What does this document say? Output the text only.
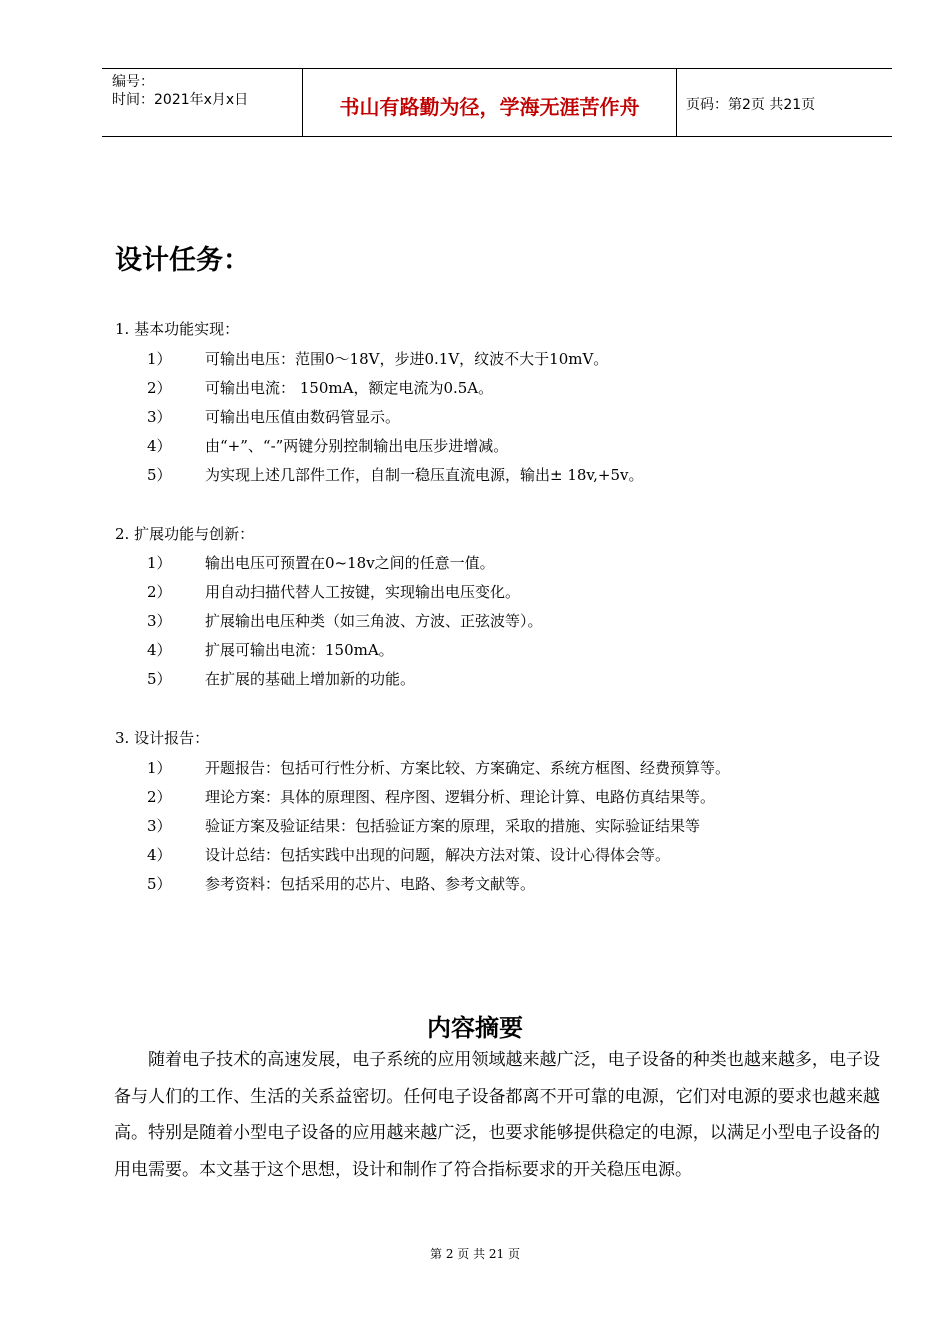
编号：
时间：2021年x月x日	书山有路勤为径，学海无涯苦作舟	页码：第2页 共21页
设计任务：
1. 基本功能实现：
1） 可输出电压：范围0～18V，步进0.1V，纹波不大于10mV。
2） 可输出电流： 150mA，额定电流为0.5A。
3） 可输出电压值由数码管显示。
4） 由“+”、“-”两键分别控制输出电压步进增减。
5） 为实现上述几部件工作，自制一稳压直流电源，输出± 18v,+5v。
2. 扩展功能与创新：
1） 输出电压可预置在0~18v之间的任意一值。
2） 用自动扫描代替人工按键，实现输出电压变化。
3） 扩展输出电压种类（如三角波、方波、正弦波等）。
4） 扩展可输出电流：150mA。
5） 在扩展的基础上增加新的功能。
3. 设计报告：
1） 开题报告：包括可行性分析、方案比较、方案确定、系统方框图、经费预算等。
2） 理论方案：具体的原理图、程序图、逻辑分析、理论计算、电路仿真结果等。
3） 验证方案及验证结果：包括验证方案的原理，采取的措施、实际验证结果等
4） 设计总结：包括实践中出现的问题，解决方法对策、设计心得体会等。
5） 参考资料：包括采用的芯片、电路、参考文献等。
内容摘要
随着电子技术的高速发展，电子系统的应用领域越来越广泛，电子设备的种类也越来越多，电子设备与人们的工作、生活的关系益密切。任何电子设备都离不开可靠的电源，它们对电源的要求也越来越高。特别是随着小型电子设备的应用越来越广泛，也要求能够提供稳定的电源，以满足小型电子设备的用电需要。本文基于这个思想，设计和制作了符合指标要求的开关稳压电源。
第 2 页 共 21 页
